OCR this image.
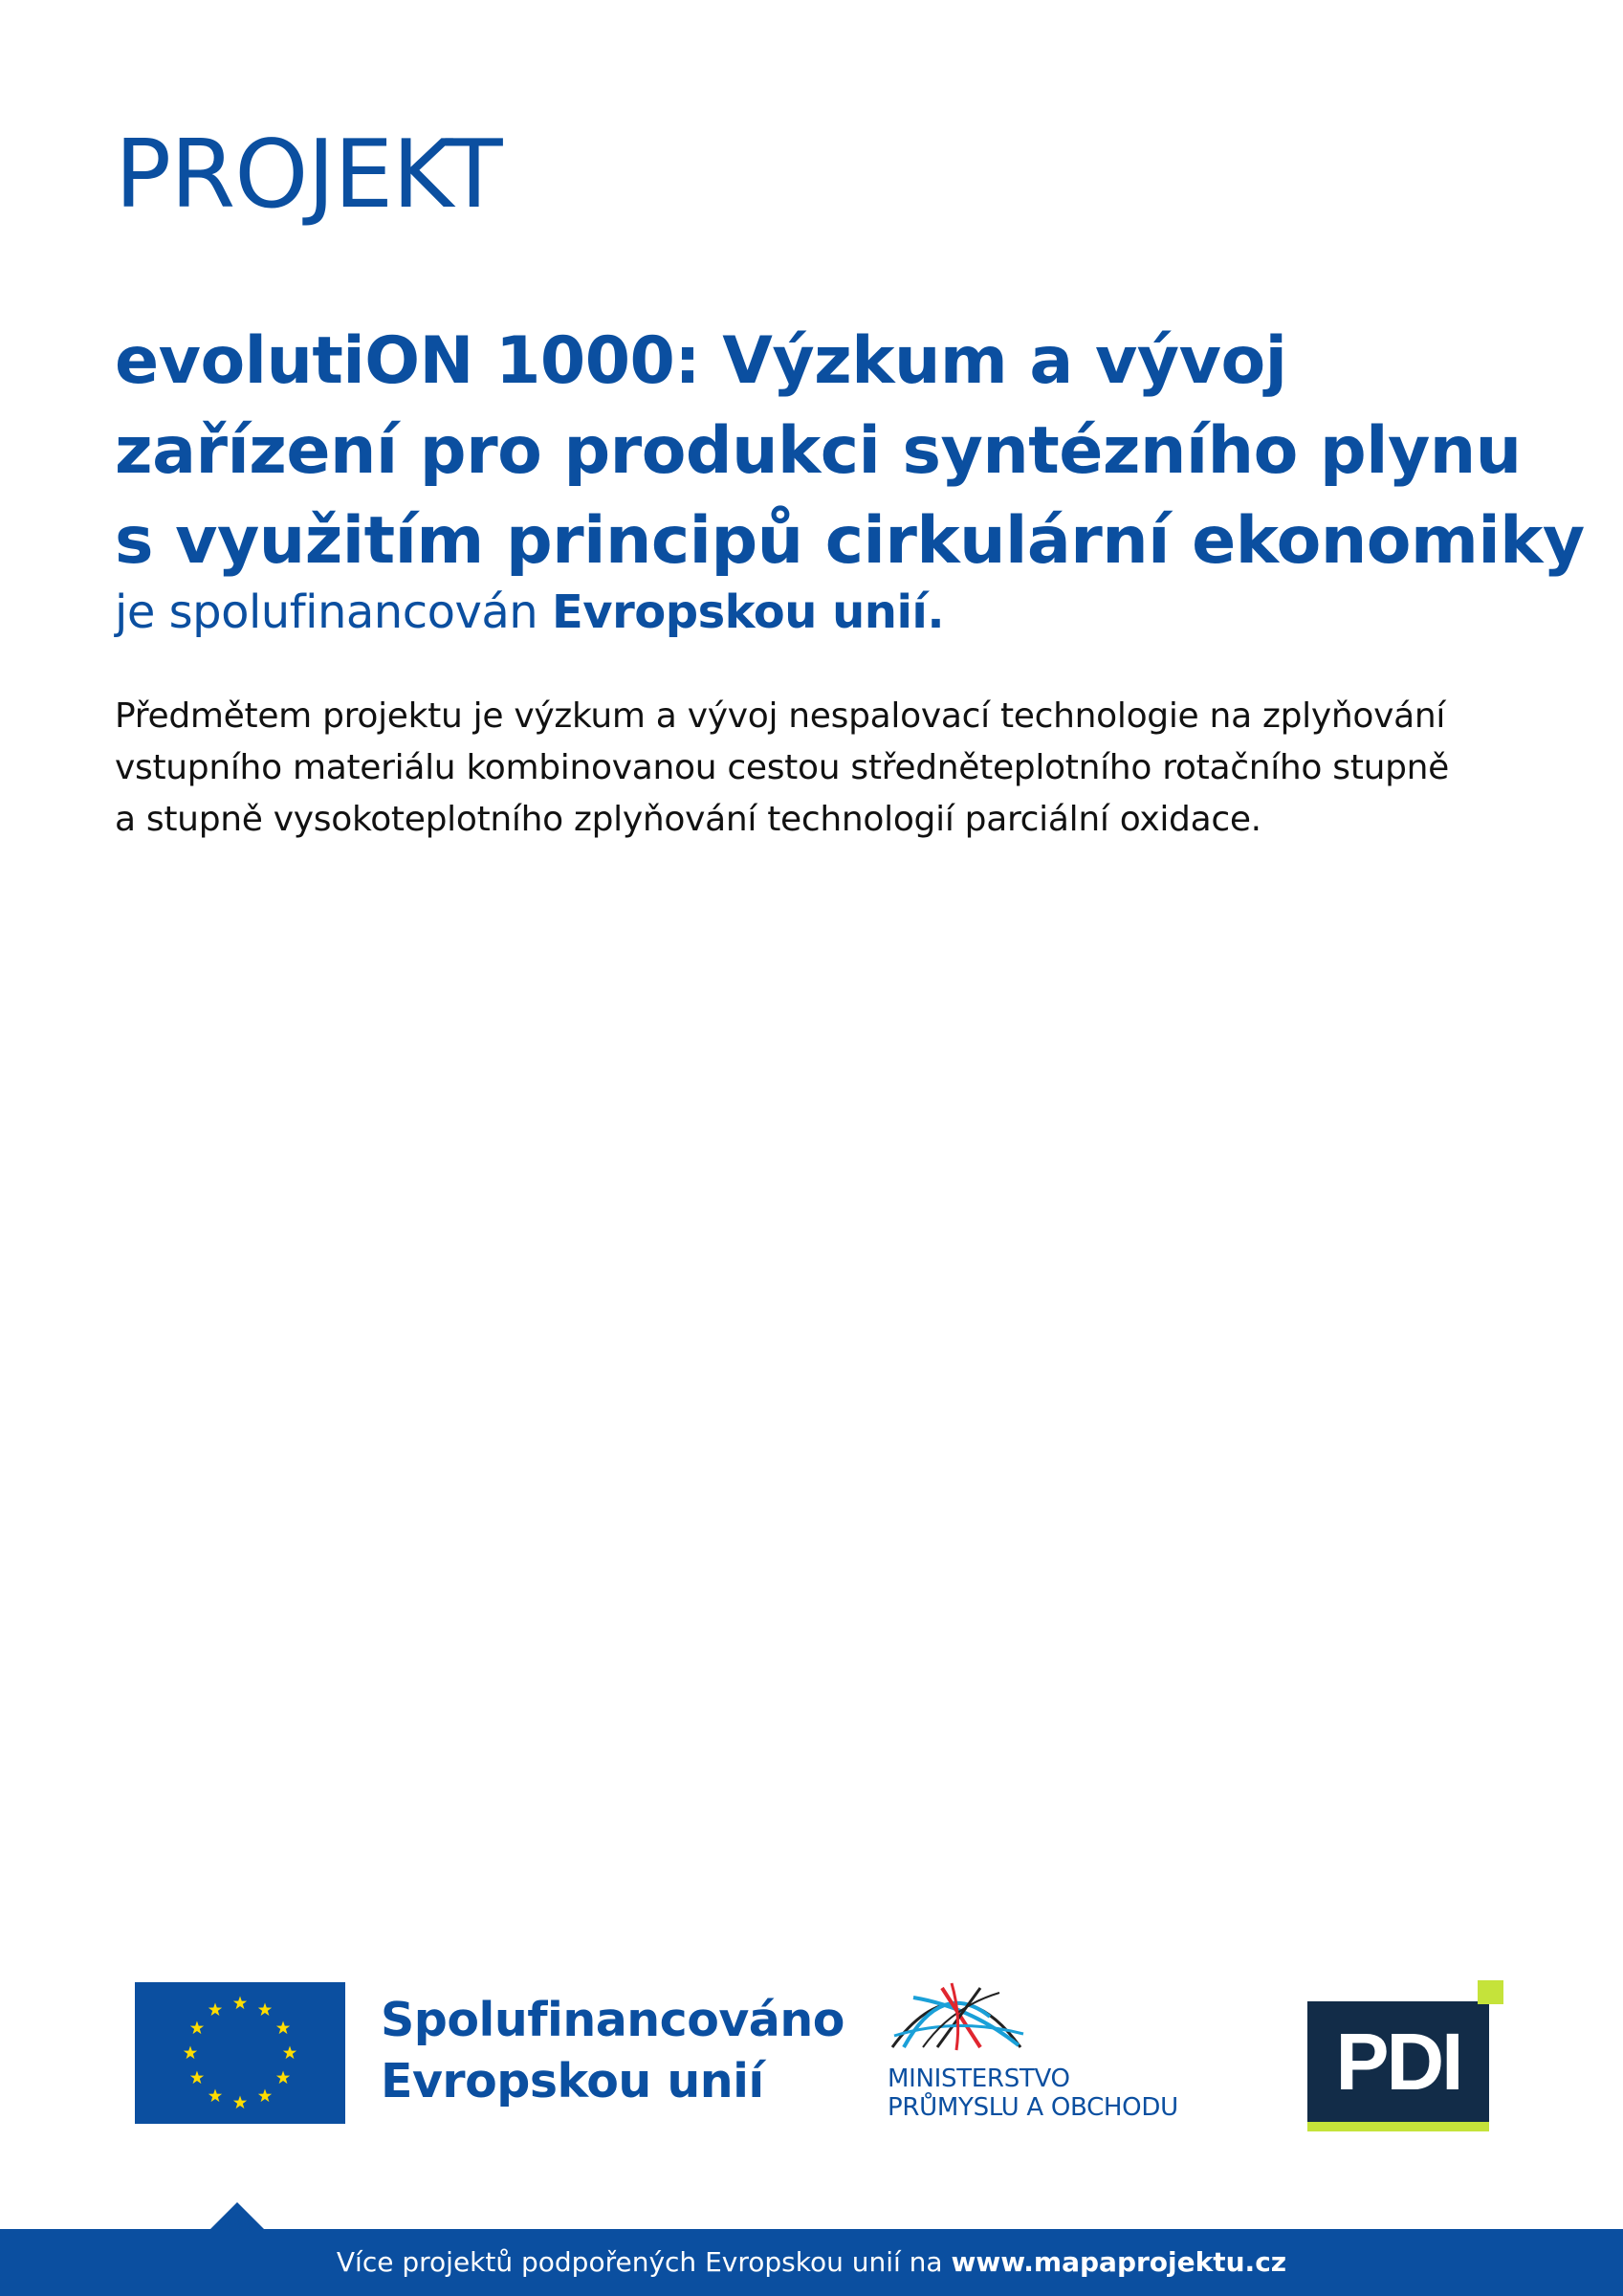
PROJEKT
evolutiON 1000: Výzkum a vývoj
zařízení pro produkci syntézního plynu
s využitím principů cirkulární ekonomiky
je spolufinancován Evropskou unií.
Předmětem projektu je výzkum a vývoj nespalovací technologie na zplyňování
vstupního materiálu kombinovanou cestou středněteplotního rotačního stupně
a stupně vysokoteplotního zplyňování technologií parciální oxidace.
Spolufinancováno
Evropskou unií	MINISTERSTVO
PRŮMYSLU A OBCHODU
PDI
Více projektů podpořených Evropskou unií na www.mapaprojektu.cz
